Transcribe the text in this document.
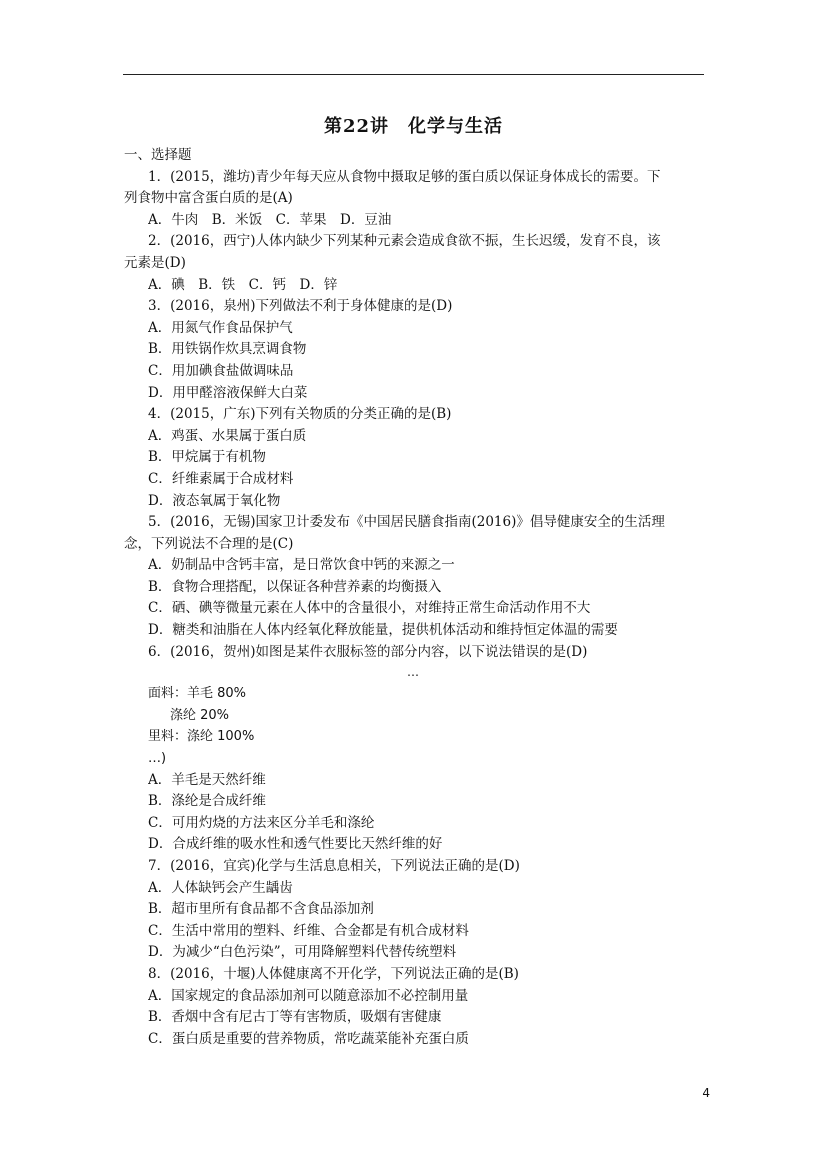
第22讲　化学与生活
一、选择题
1．(2015，潍坊)青少年每天应从食物中摄取足够的蛋白质以保证身体成长的需要。下
列食物中富含蛋白质的是(A)
A．牛肉　B．米饭　C．苹果　D．豆油
2．(2016，西宁)人体内缺少下列某种元素会造成食欲不振，生长迟缓，发育不良，该
元素是(D)
A．碘　B．铁　C．钙　D．锌
3．(2016，泉州)下列做法不利于身体健康的是(D)
A．用氮气作食品保护气
B．用铁锅作炊具烹调食物
C．用加碘食盐做调味品
D．用甲醛溶液保鲜大白菜
4．(2015，广东)下列有关物质的分类正确的是(B)
A．鸡蛋、水果属于蛋白质
B．甲烷属于有机物
C．纤维素属于合成材料
D．液态氧属于氧化物
5．(2016，无锡)国家卫计委发布《中国居民膳食指南(2016)》倡导健康安全的生活理
念，下列说法不合理的是(C)
A．奶制品中含钙丰富，是日常饮食中钙的来源之一
B．食物合理搭配，以保证各种营养素的均衡摄入
C．硒、碘等微量元素在人体中的含量很小，对维持正常生命活动作用不大
D．糖类和油脂在人体内经氧化释放能量，提供机体活动和维持恒定体温的需要
6．(2016，贺州)如图是某件衣服标签的部分内容，以下说法错误的是(D)
…
面料：羊毛 80%
涤纶 20%
里料：涤纶 100%
…)
A．羊毛是天然纤维
B．涤纶是合成纤维
C．可用灼烧的方法来区分羊毛和涤纶
D．合成纤维的吸水性和透气性要比天然纤维的好
7．(2016，宜宾)化学与生活息息相关，下列说法正确的是(D)
A．人体缺钙会产生龋齿
B．超市里所有食品都不含食品添加剂
C．生活中常用的塑料、纤维、合金都是有机合成材料
D．为减少“白色污染”，可用降解塑料代替传统塑料
8．(2016，十堰)人体健康离不开化学，下列说法正确的是(B)
A．国家规定的食品添加剂可以随意添加不必控制用量
B．香烟中含有尼古丁等有害物质，吸烟有害健康
C．蛋白质是重要的营养物质，常吃蔬菜能补充蛋白质
4
